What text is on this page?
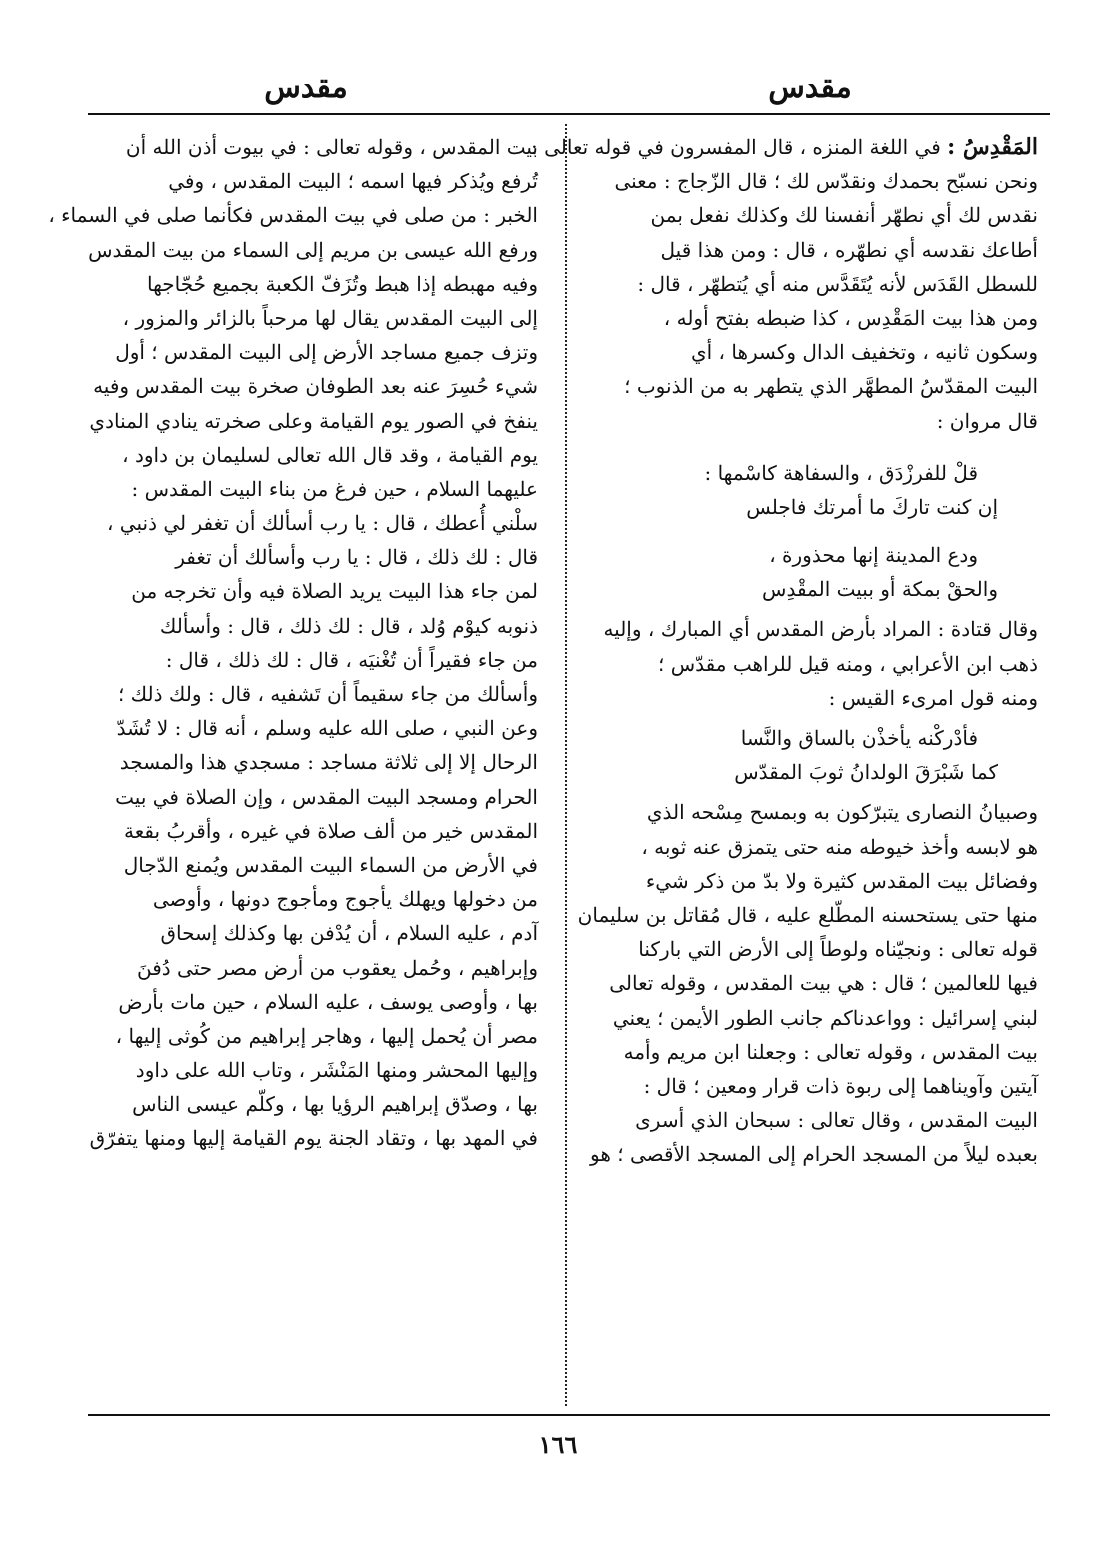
مقدس
مقدس
المَقْدِسُ : في اللغة المنزه ، قال المفسرون في قوله تعالى :
ونحن نسبّح بحمدك ونقدّس لك ؛ قال الزّجاج : معنى
نقدس لك أي نطهّر أنفسنا لك وكذلك نفعل بمن
أطاعك نقدسه أي نطهّره ، قال : ومن هذا قيل
للسطل القَدَس لأنه يُتَقَدَّس منه أي يُتطهّر ، قال :
ومن هذا بيت المَقْدِس ، كذا ضبطه بفتح أوله ،
وسكون ثانيه ، وتخفيف الدال وكسرها ، أي
البيت المقدّسُ المطهَّر الذي يتطهر به من الذنوب ؛
قال مروان :
قلْ للفرزْدَق ، والسفاهة كاسْمها :
إن كنت تاركَ ما أمرتك فاجلس
ودع المدينة إنها محذورة ،
والحقْ بمكة أو ببيت المقْدِس
وقال قتادة : المراد بأرض المقدس أي المبارك ، وإليه
ذهب ابن الأعرابي ، ومنه قيل للراهب مقدّس ؛
ومنه قول امرىء القيس :
فأدْركْنه يأخذْن بالساق والنَّسا
كما شَبْرَقَ الولدانُ ثوبَ المقدّس
وصبيانُ النصارى يتبرّكون به وبمسح مِسْحه الذي
هو لابسه وأخذ خيوطه منه حتى يتمزق عنه ثوبه ،
وفضائل بيت المقدس كثيرة ولا بدّ من ذكر شيء
منها حتى يستحسنه المطّلع عليه ، قال مُقاتل بن سليمان
قوله تعالى : ونجيّناه ولوطاً إلى الأرض التي باركنا
فيها للعالمين ؛ قال : هي بيت المقدس ، وقوله تعالى
لبني إسرائيل : وواعدناكم جانب الطور الأيمن ؛ يعني
بيت المقدس ، وقوله تعالى : وجعلنا ابن مريم وأمه
آيتين وآويناهما إلى ربوة ذات قرار ومعين ؛ قال :
البيت المقدس ، وقال تعالى : سبحان الذي أسرى
بعبده ليلاً من المسجد الحرام إلى المسجد الأقصى ؛ هو
بيت المقدس ، وقوله تعالى : في بيوت أذن الله أن
تُرفع ويُذكر فيها اسمه ؛ البيت المقدس ، وفي
الخبر : من صلى في بيت المقدس فكأنما صلى في السماء ،
ورفع الله عيسى بن مريم إلى السماء من بيت المقدس
وفيه مهبطه إذا هبط وتُزَفّ الكعبة بجميع حُجّاجها
إلى البيت المقدس يقال لها مرحباً بالزائر والمزور ،
وتزف جميع مساجد الأرض إلى البيت المقدس ؛ أول
شيء حُسِرَ عنه بعد الطوفان صخرة بيت المقدس وفيه
ينفخ في الصور يوم القيامة وعلى صخرته ينادي المنادي
يوم القيامة ، وقد قال الله تعالى لسليمان بن داود ،
عليهما السلام ، حين فرغ من بناء البيت المقدس :
سلْني أُعطك ، قال : يا رب أسألك أن تغفر لي ذنبي ،
قال : لك ذلك ، قال : يا رب وأسألك أن تغفر
لمن جاء هذا البيت يريد الصلاة فيه وأن تخرجه من
ذنوبه كيوْم وُلد ، قال : لك ذلك ، قال : وأسألك
من جاء فقيراً أن تُغْنيَه ، قال : لك ذلك ، قال :
وأسألك من جاء سقيماً أن تَشفيه ، قال : ولك ذلك ؛
وعن النبي ، صلى الله عليه وسلم ، أنه قال : لا تُشَدّ
الرحال إلا إلى ثلاثة مساجد : مسجدي هذا والمسجد
الحرام ومسجد البيت المقدس ، وإن الصلاة في بيت
المقدس خير من ألف صلاة في غيره ، وأقربُ بقعة
في الأرض من السماء البيت المقدس ويُمنع الدّجال
من دخولها ويهلك يأجوج ومأجوج دونها ، وأوصى
آدم ، عليه السلام ، أن يُدْفن بها وكذلك إسحاق
وإبراهيم ، وحُمل يعقوب من أرض مصر حتى دُفنَ
بها ، وأوصى يوسف ، عليه السلام ، حين مات بأرض
مصر أن يُحمل إليها ، وهاجر إبراهيم من كُوثى إليها ،
وإليها المحشر ومنها المَنْشَر ، وتاب الله على داود
بها ، وصدّق إبراهيم الرؤيا بها ، وكلّم عيسى الناس
في المهد بها ، وتقاد الجنة يوم القيامة إليها ومنها يتفرّق
١٦٦
